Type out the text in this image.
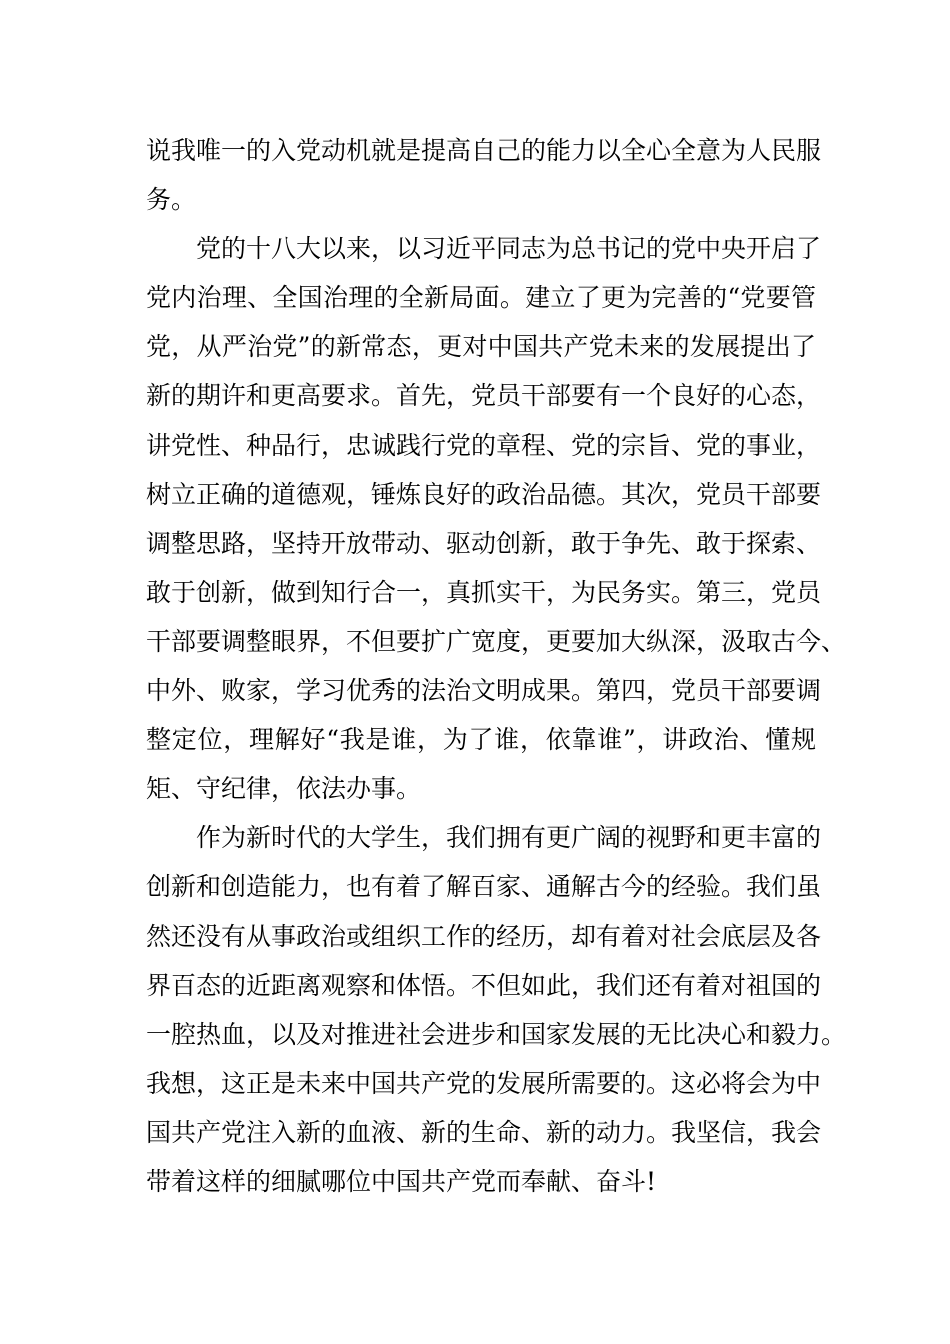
说我唯一的入党动机就是提高自己的能力以全心全意为人民服
务。
党的十八大以来，以习近平同志为总书记的党中央开启了
党内治理、全国治理的全新局面。建立了更为完善的“党要管
党，从严治党”的新常态，更对中国共产党未来的发展提出了
新的期许和更高要求。首先，党员干部要有一个良好的心态，
讲党性、种品行，忠诚践行党的章程、党的宗旨、党的事业，
树立正确的道德观，锤炼良好的政治品德。其次，党员干部要
调整思路，坚持开放带动、驱动创新，敢于争先、敢于探索、
敢于创新，做到知行合一，真抓实干，为民务实。第三，党员
干部要调整眼界，不但要扩广宽度，更要加大纵深，汲取古今、
中外、败家，学习优秀的法治文明成果。第四，党员干部要调
整定位，理解好“我是谁，为了谁，依靠谁”，讲政治、懂规
矩、守纪律，依法办事。
作为新时代的大学生，我们拥有更广阔的视野和更丰富的
创新和创造能力，也有着了解百家、通解古今的经验。我们虽
然还没有从事政治或组织工作的经历，却有着对社会底层及各
界百态的近距离观察和体悟。不但如此，我们还有着对祖国的
一腔热血，以及对推进社会进步和国家发展的无比决心和毅力。
我想，这正是未来中国共产党的发展所需要的。这必将会为中
国共产党注入新的血液、新的生命、新的动力。我坚信，我会
带着这样的细腻哪位中国共产党而奉献、奋斗!
